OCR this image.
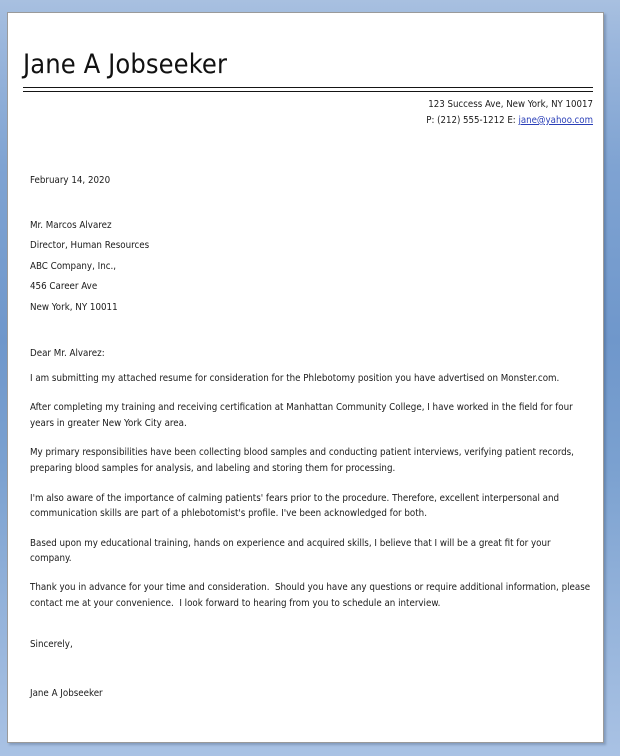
Jane A Jobseeker
123 Success Ave, New York, NY 10017
P: (212) 555-1212 E: jane@yahoo.com
February 14, 2020
Mr. Marcos Alvarez
Director, Human Resources
ABC Company, Inc.,
456 Career Ave
New York, NY 10011
Dear Mr. Alvarez:

I am submitting my attached resume for consideration for the Phlebotomy position you have advertised on Monster.com.

After completing my training and receiving certification at Manhattan Community College, I have worked in the field for four years in greater New York City area.

My primary responsibilities have been collecting blood samples and conducting patient interviews, verifying patient records, preparing blood samples for analysis, and labeling and storing them for processing.

I'm also aware of the importance of calming patients' fears prior to the procedure. Therefore, excellent interpersonal and communication skills are part of a phlebotomist's profile. I've been acknowledged for both.

Based upon my educational training, hands on experience and acquired skills, I believe that I will be a great fit for your company.

Thank you in advance for your time and consideration.  Should you have any questions or require additional information, please contact me at your convenience.  I look forward to hearing from you to schedule an interview.

Sincerely,
Jane A Jobseeker
